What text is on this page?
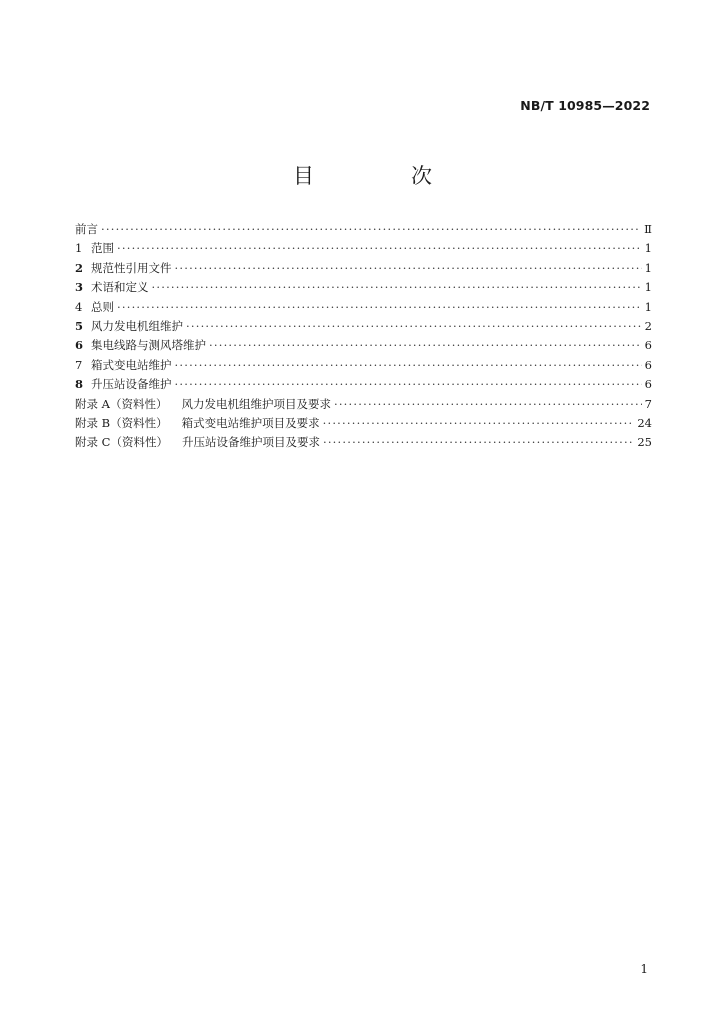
NB/T 10985—2022
目　次
前言 ·····	Ⅱ
1 范围 ·····	1
2 规范性引用文件 ·····	1
3 术语和定义 ·····	1
4 总则 ·····	1
5 风力发电机组维护 ·····	2
6 集电线路与测风塔维护 ·····	6
7 箱式变电站维护 ·····	6
8 升压站设备维护 ·····	6
附录 A（资料性） 风力发电机组维护项目及要求 ·····	7
附录 B（资料性） 箱式变电站维护项目及要求 ·····	24
附录 C（资料性） 升压站设备维护项目及要求 ·····	25
1
